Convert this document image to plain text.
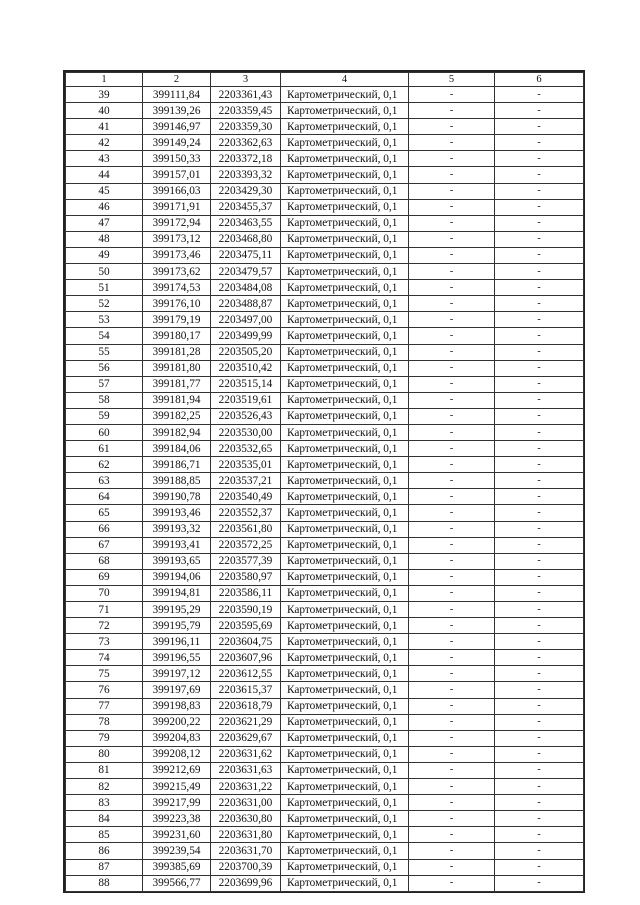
1	2	3	4	5	6
39	399111,84	2203361,43	Картометрический, 0,1	-	-
40	399139,26	2203359,45	Картометрический, 0,1	-	-
41	399146,97	2203359,30	Картометрический, 0,1	-	-
42	399149,24	2203362,63	Картометрический, 0,1	-	-
43	399150,33	2203372,18	Картометрический, 0,1	-	-
44	399157,01	2203393,32	Картометрический, 0,1	-	-
45	399166,03	2203429,30	Картометрический, 0,1	-	-
46	399171,91	2203455,37	Картометрический, 0,1	-	-
47	399172,94	2203463,55	Картометрический, 0,1	-	-
48	399173,12	2203468,80	Картометрический, 0,1	-	-
49	399173,46	2203475,11	Картометрический, 0,1	-	-
50	399173,62	2203479,57	Картометрический, 0,1	-	-
51	399174,53	2203484,08	Картометрический, 0,1	-	-
52	399176,10	2203488,87	Картометрический, 0,1	-	-
53	399179,19	2203497,00	Картометрический, 0,1	-	-
54	399180,17	2203499,99	Картометрический, 0,1	-	-
55	399181,28	2203505,20	Картометрический, 0,1	-	-
56	399181,80	2203510,42	Картометрический, 0,1	-	-
57	399181,77	2203515,14	Картометрический, 0,1	-	-
58	399181,94	2203519,61	Картометрический, 0,1	-	-
59	399182,25	2203526,43	Картометрический, 0,1	-	-
60	399182,94	2203530,00	Картометрический, 0,1	-	-
61	399184,06	2203532,65	Картометрический, 0,1	-	-
62	399186,71	2203535,01	Картометрический, 0,1	-	-
63	399188,85	2203537,21	Картометрический, 0,1	-	-
64	399190,78	2203540,49	Картометрический, 0,1	-	-
65	399193,46	2203552,37	Картометрический, 0,1	-	-
66	399193,32	2203561,80	Картометрический, 0,1	-	-
67	399193,41	2203572,25	Картометрический, 0,1	-	-
68	399193,65	2203577,39	Картометрический, 0,1	-	-
69	399194,06	2203580,97	Картометрический, 0,1	-	-
70	399194,81	2203586,11	Картометрический, 0,1	-	-
71	399195,29	2203590,19	Картометрический, 0,1	-	-
72	399195,79	2203595,69	Картометрический, 0,1	-	-
73	399196,11	2203604,75	Картометрический, 0,1	-	-
74	399196,55	2203607,96	Картометрический, 0,1	-	-
75	399197,12	2203612,55	Картометрический, 0,1	-	-
76	399197,69	2203615,37	Картометрический, 0,1	-	-
77	399198,83	2203618,79	Картометрический, 0,1	-	-
78	399200,22	2203621,29	Картометрический, 0,1	-	-
79	399204,83	2203629,67	Картометрический, 0,1	-	-
80	399208,12	2203631,62	Картометрический, 0,1	-	-
81	399212,69	2203631,63	Картометрический, 0,1	-	-
82	399215,49	2203631,22	Картометрический, 0,1	-	-
83	399217,99	2203631,00	Картометрический, 0,1	-	-
84	399223,38	2203630,80	Картометрический, 0,1	-	-
85	399231,60	2203631,80	Картометрический, 0,1	-	-
86	399239,54	2203631,70	Картометрический, 0,1	-	-
87	399385,69	2203700,39	Картометрический, 0,1	-	-
88	399566,77	2203699,96	Картометрический, 0,1	-	-
